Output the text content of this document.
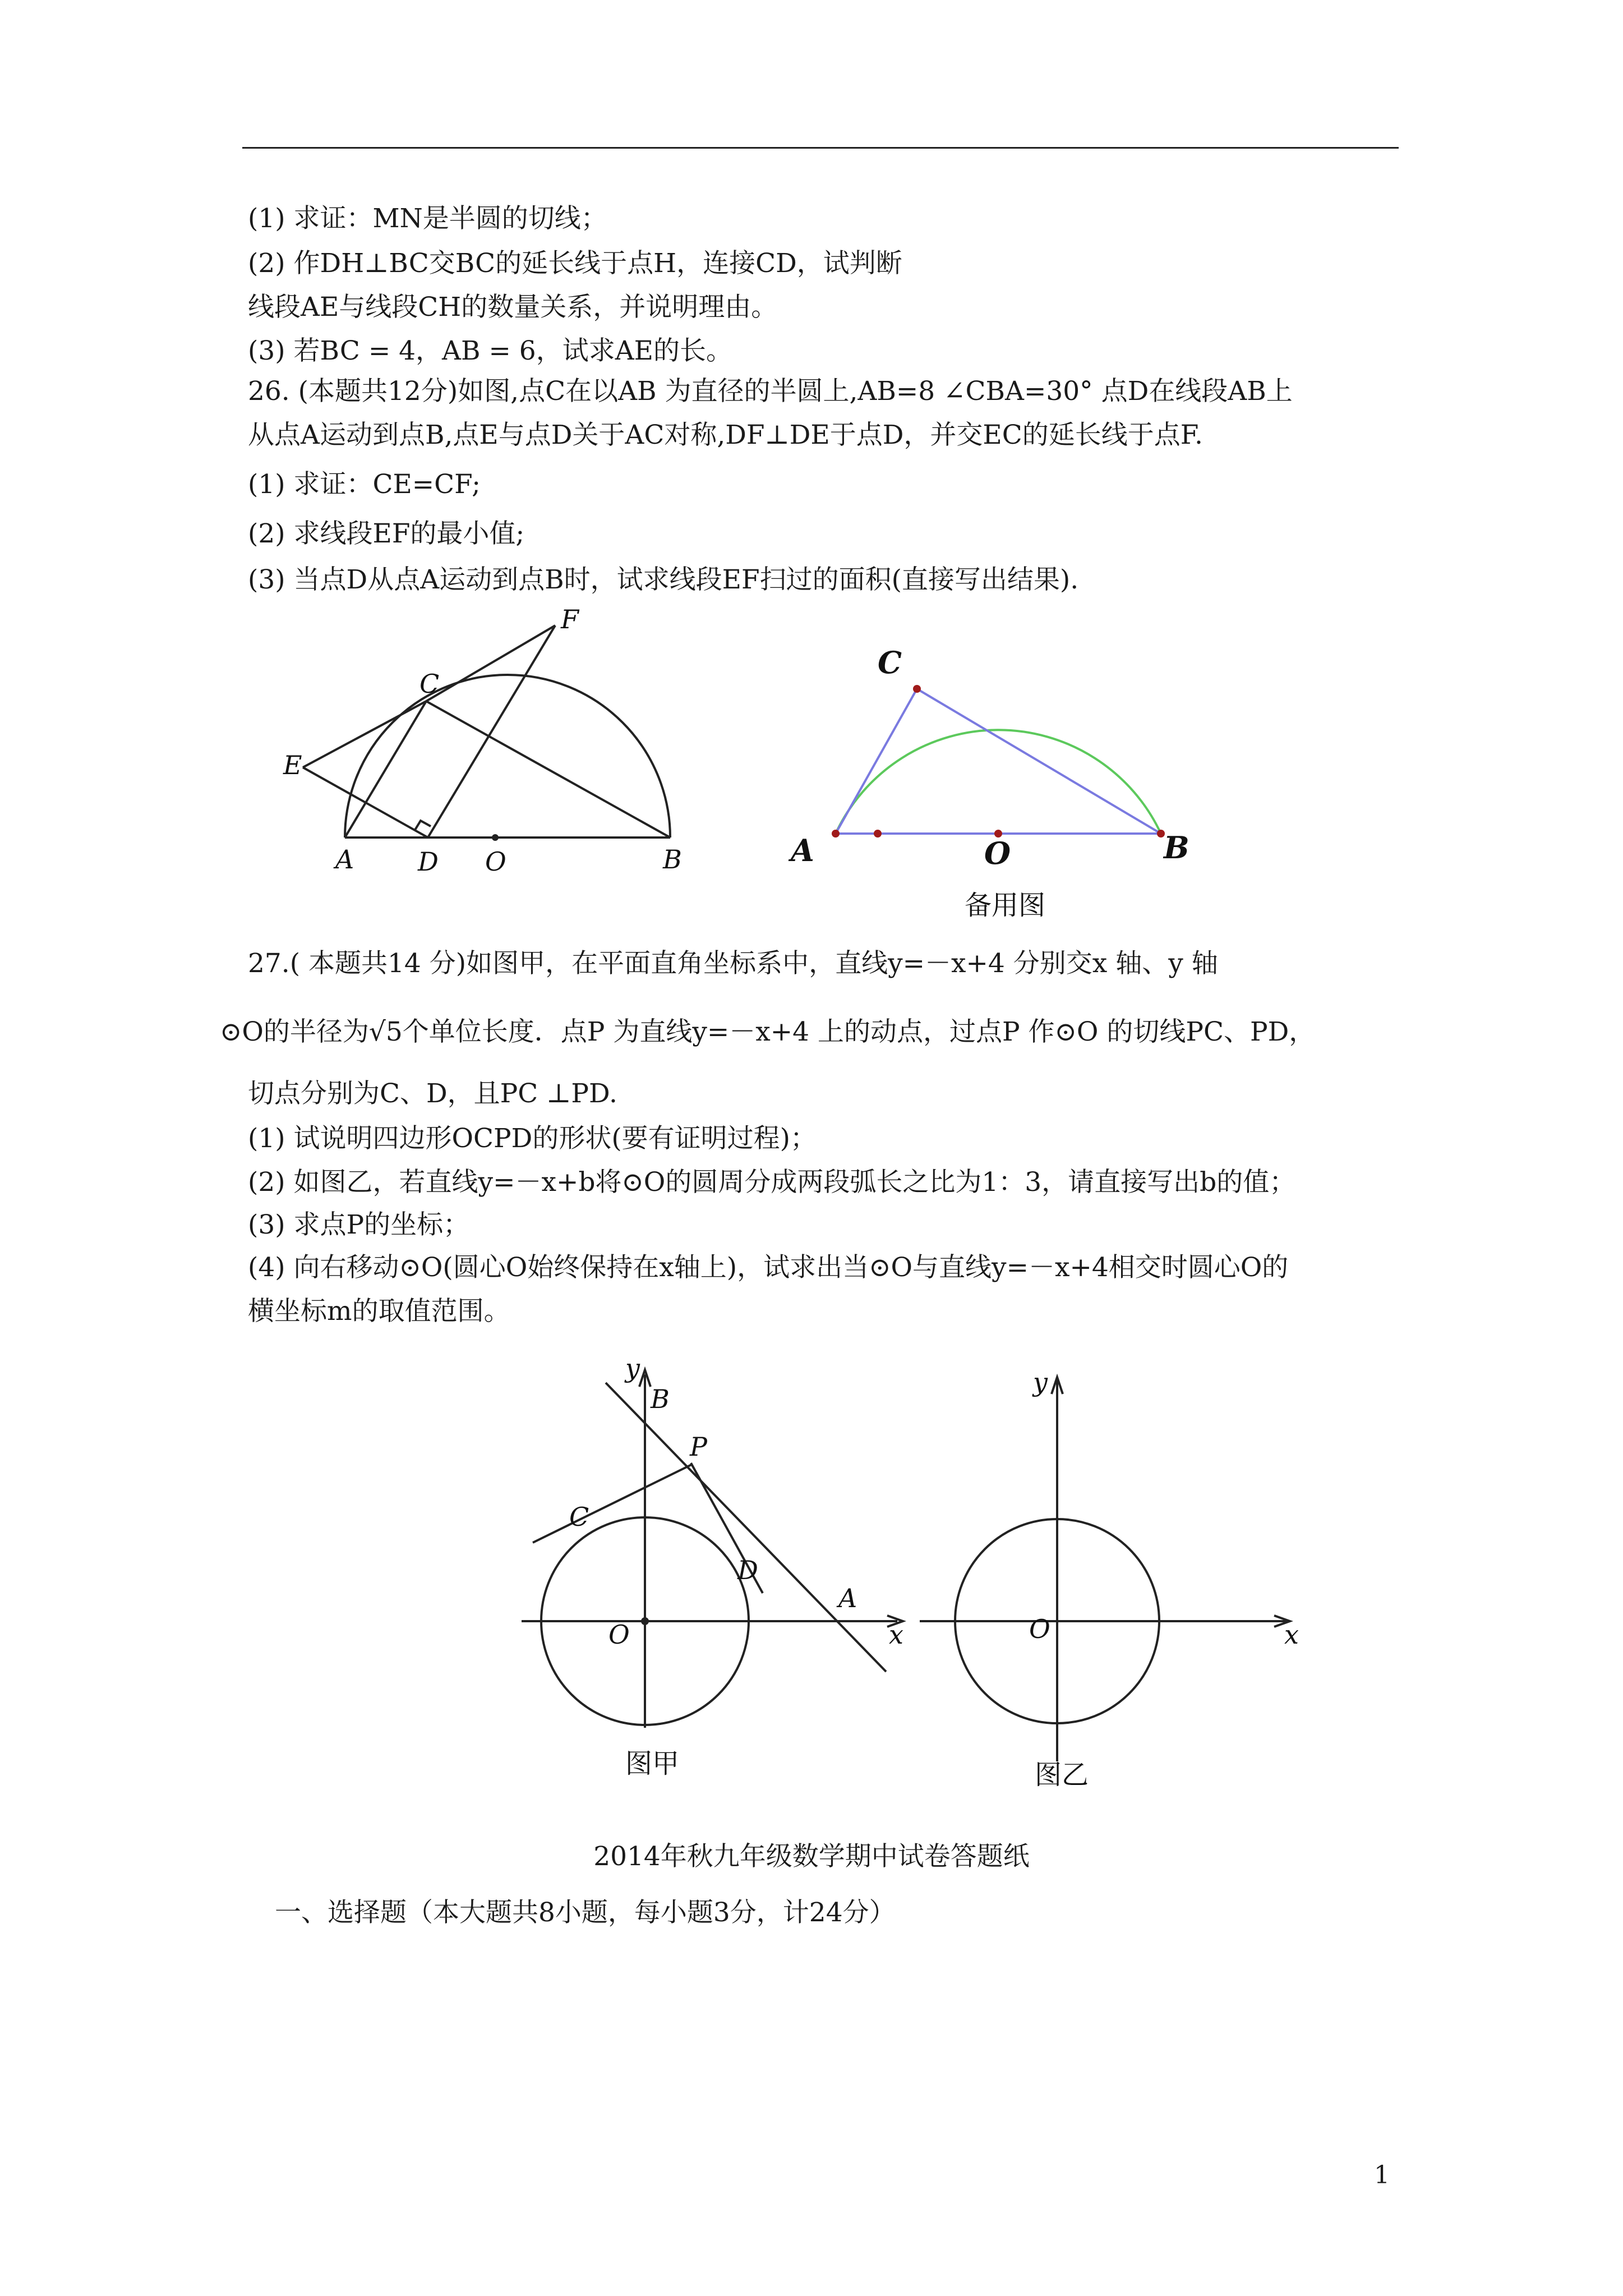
(1) 求证：MN是半圆的切线；
(2) 作DH⊥BC交BC的延长线于点H，连接CD，试判断
线段AE与线段CH的数量关系，并说明理由。
(3) 若BC = 4，AB = 6，试求AE的长。
26. (本题共12分)如图,点C在以AB 为直径的半圆上,AB=8 ∠CBA=30° 点D在线段AB上
从点A运动到点B,点E与点D关于AC对称,DF⊥DE于点D，并交EC的延长线于点F.
(1) 求证：CE=CF;
(2) 求线段EF的最小值;
(3) 当点D从点A运动到点B时，试求线段EF扫过的面积(直接写出结果).
C
F
E
A D O	B
C
A	O	B
备用图
27.( 本题共14 分)如图甲，在平面直角坐标系中，直线y=－x+4 分别交x 轴、y 轴
⊙O的半径为√5个单位长度．点P 为直线y=－x+4 上的动点，过点P 作⊙O 的切线PC、PD，
切点分别为C、D，且PC ⊥PD.
(1) 试说明四边形OCPD的形状(要有证明过程)；
(2) 如图乙，若直线y=－x+b将⊙O的圆周分成两段弧长之比为1：3，请直接写出b的值；
(3) 求点P的坐标；
(4) 向右移动⊙O(圆心O始终保持在x轴上)，试求出当⊙O与直线y=－x+4相交时圆心O的
横坐标m的取值范围。
y
B
P
C
D
A
O	x
图甲
y
O	x
图乙
2014年秋九年级数学期中试卷答题纸
一、选择题（本大题共8小题，每小题3分，计24分）
1
